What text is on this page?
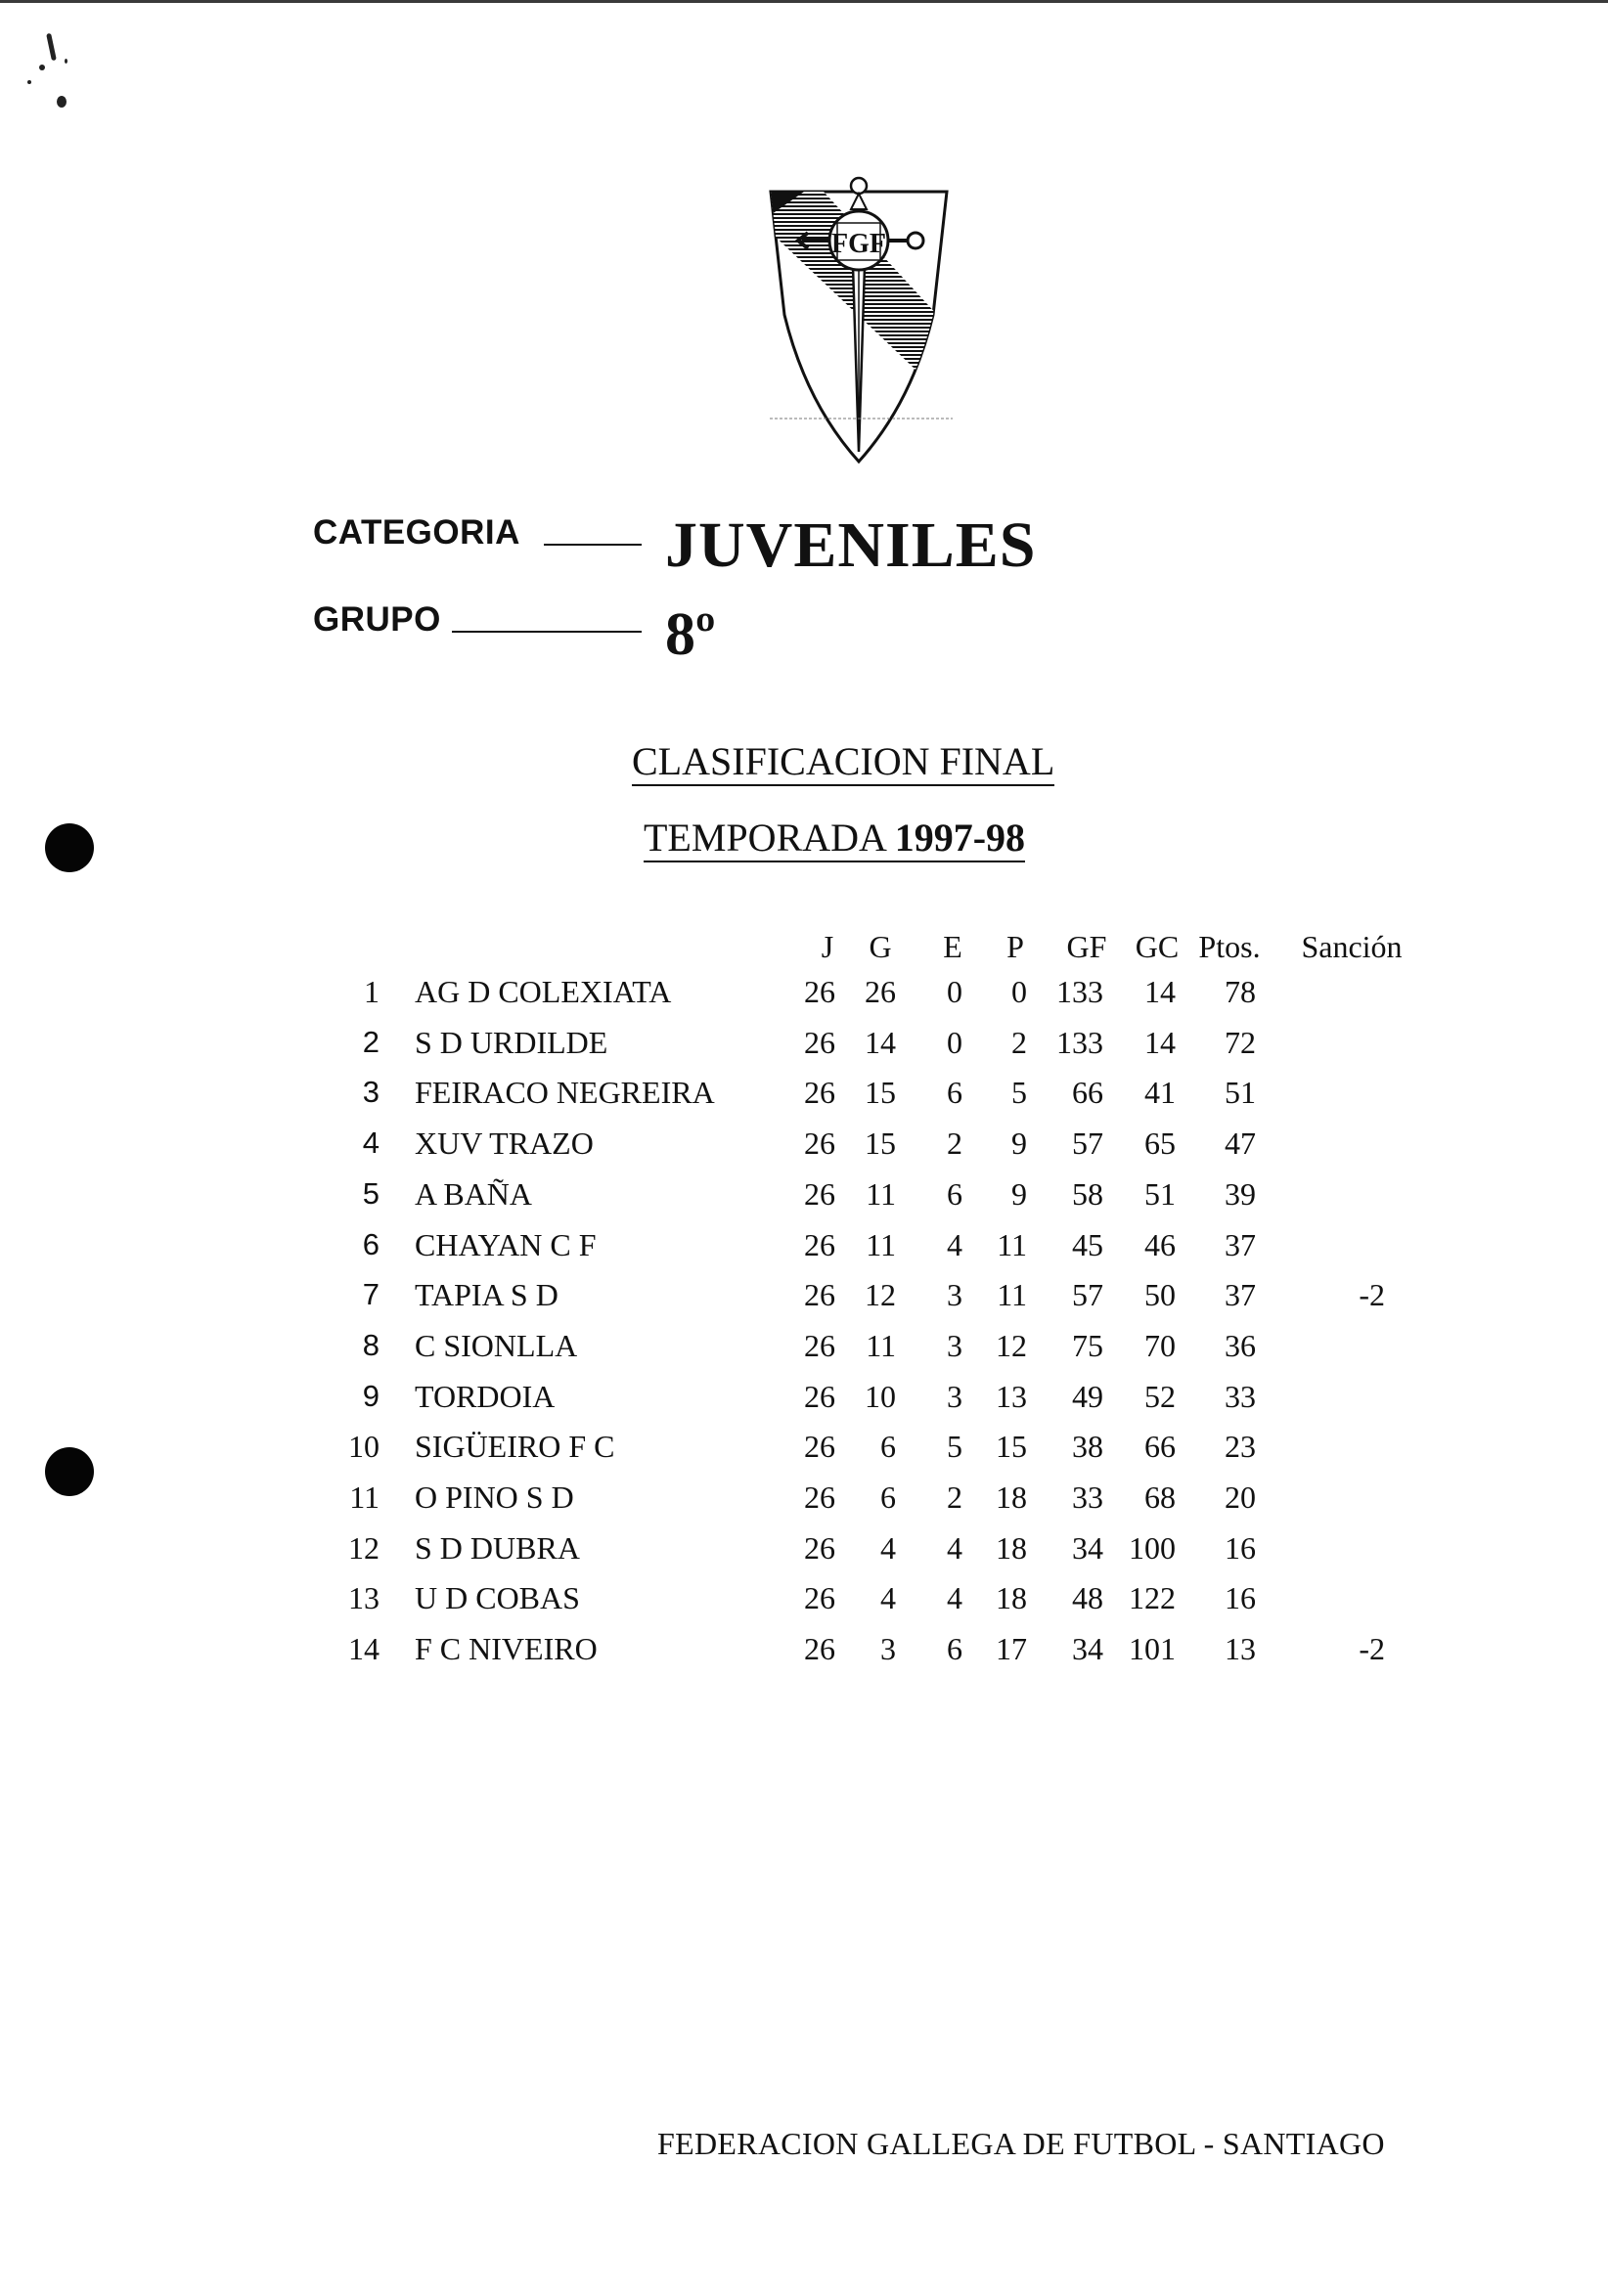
FGF
CATEGORIA JUVENILES
GRUPO	8º
CLASIFICACION FINAL
TEMPORADA 1997-98
J	G	E	P	GF GC Ptos.	Sanción
1 AG D COLEXIATA	26 26	0	0 133	14	78
2 S D URDILDE	26 14	0	2 133	14	72
3 FEIRACO NEGREIRA	26 15	6	5	66	41	51
4 XUV TRAZO	26 15	2	9	57	65	47
5 A BAÑA	26 11	6	9	58	51	39
6 CHAYAN C F	26 11	4	11	45	46	37
7 TAPIA S D	26 12	3	11	57	50	37	-2
8 C SIONLLA	26 11	3	12	75	70	36
9 TORDOIA	26 10	3	13	49	52	33
10 SIGÜEIRO F C	26	6	5	15	38	66	23
11 O PINO S D	26	6	2	18	33	68	20
12 S D DUBRA	26	4	4	18	34 100	16
13 U D COBAS	26	4	4	18	48 122	16
14 F C NIVEIRO	26	3	6	17	34 101	13	-2
FEDERACION GALLEGA DE FUTBOL - SANTIAGO
